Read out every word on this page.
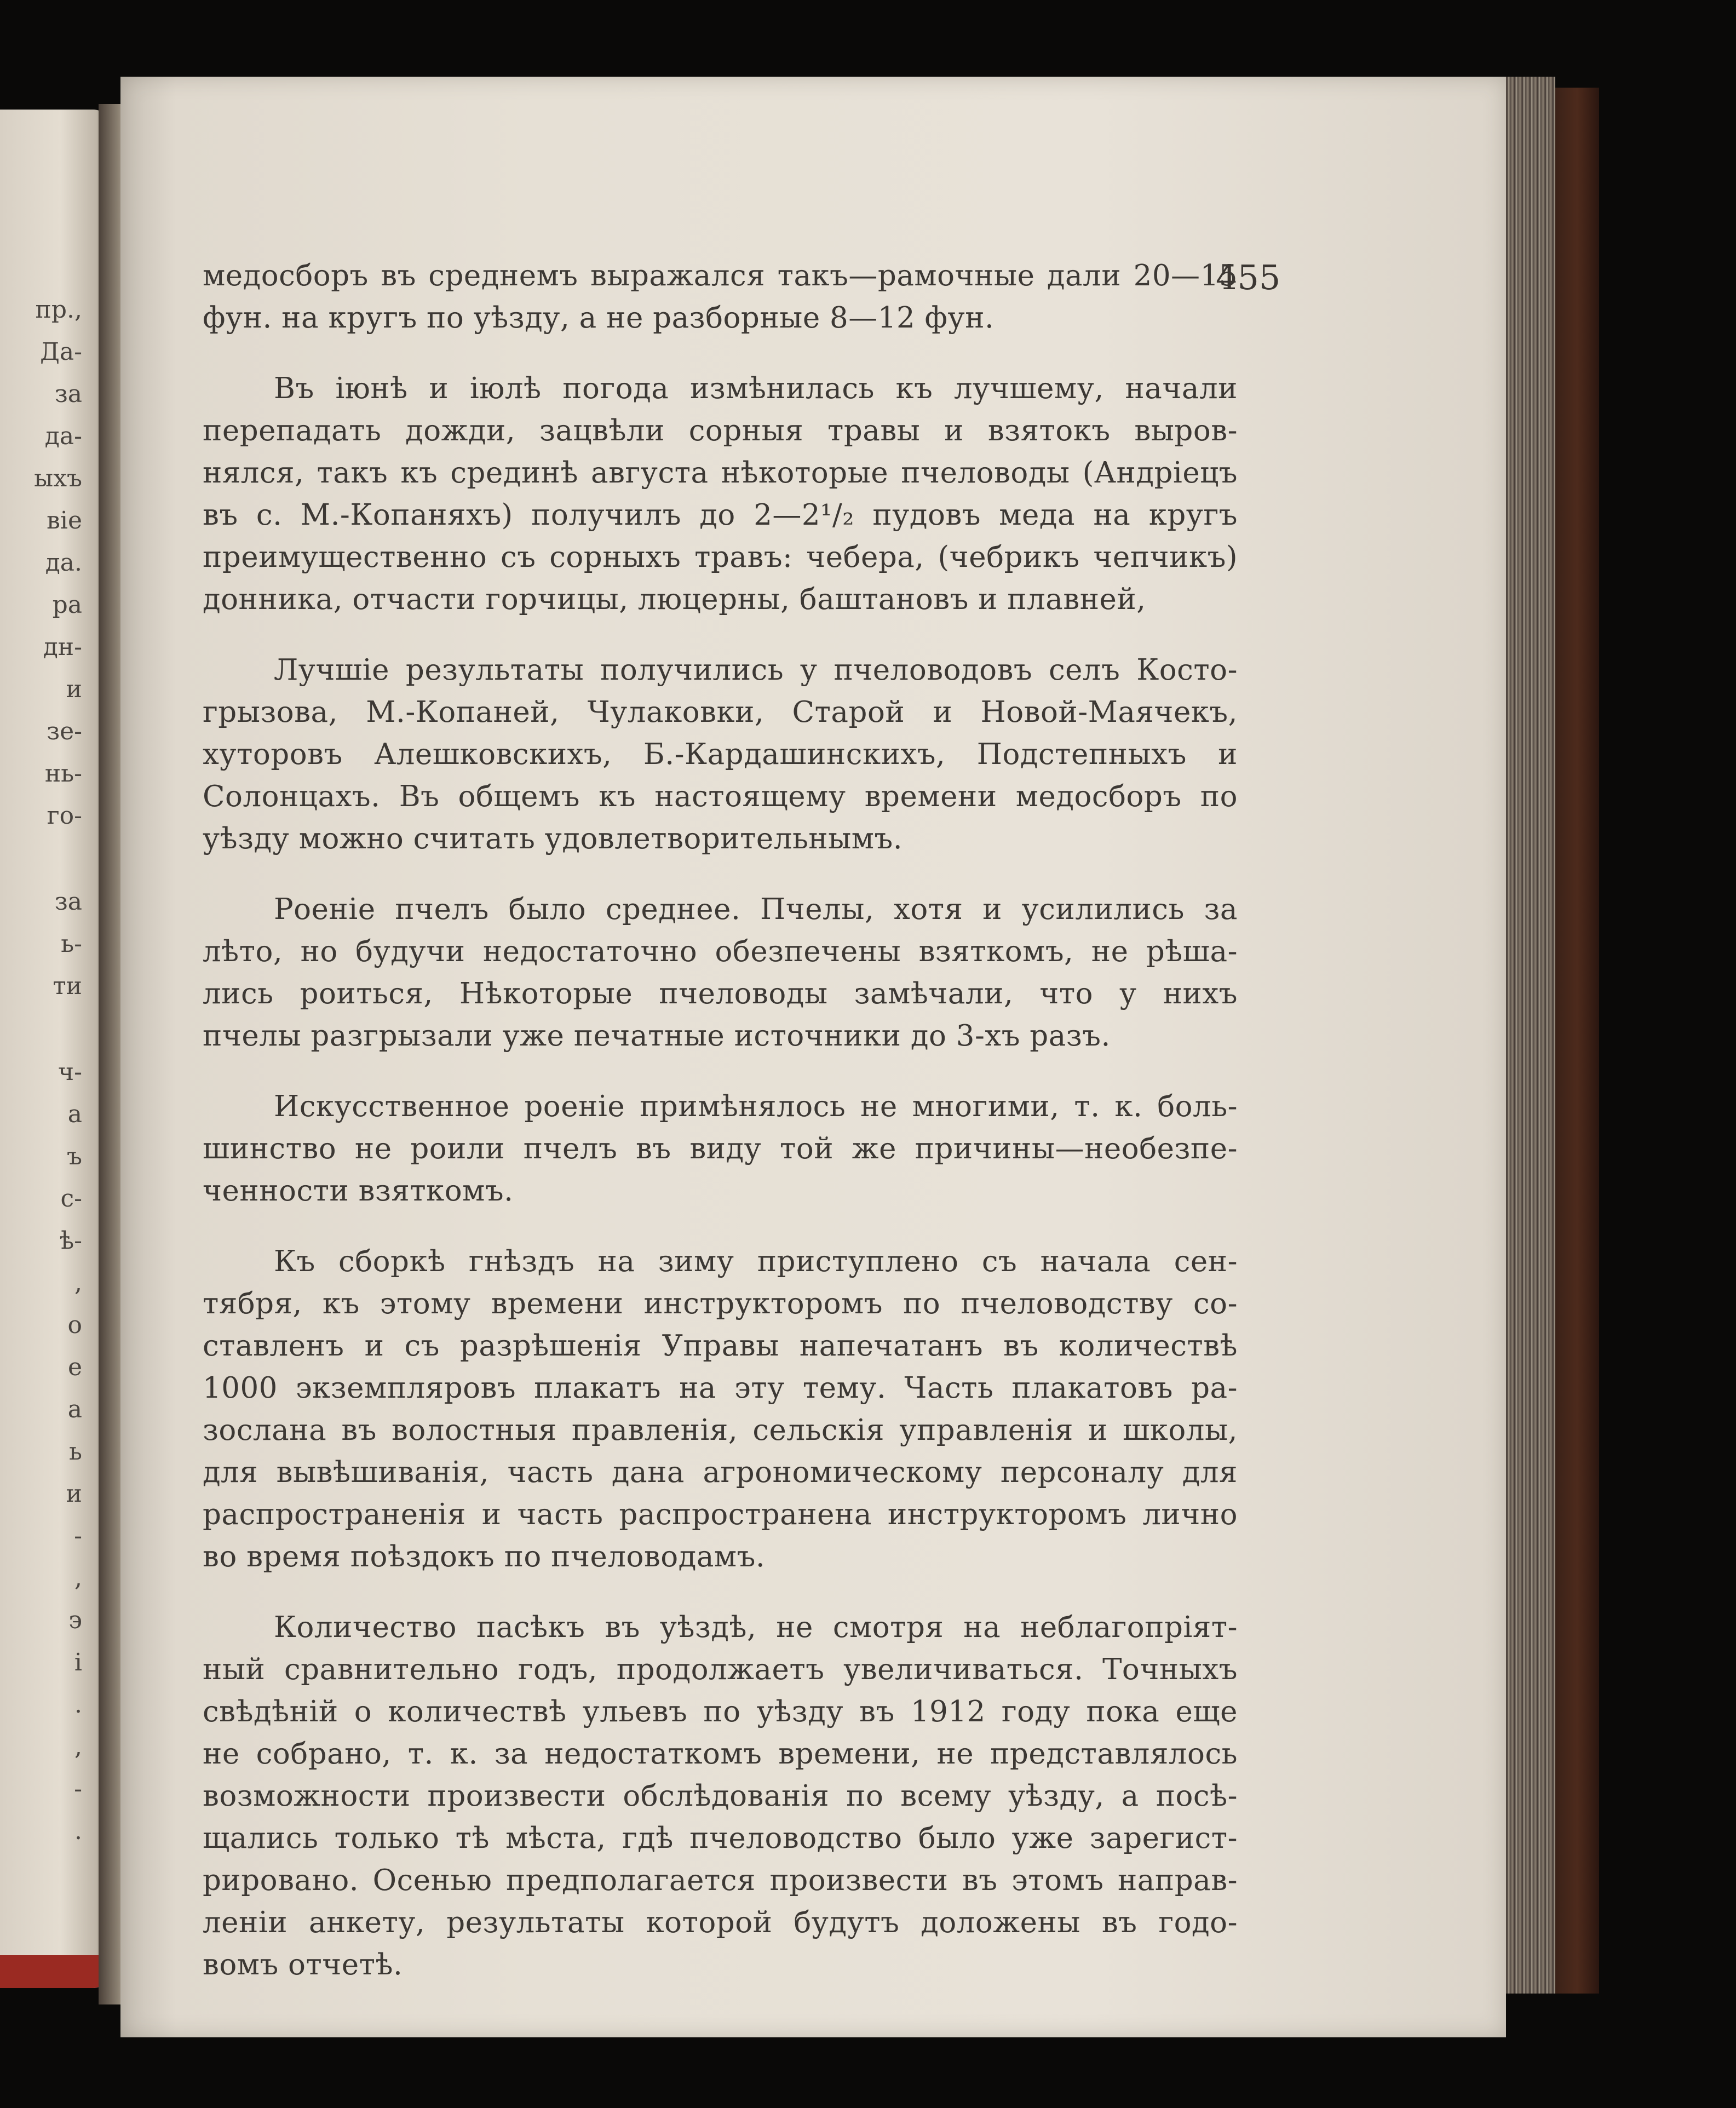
пр.,
Да-
за
да-
ыхъ
віе
да.
ра
дн-
и
зе-
нь-
го-
за
ь-
ти
ч-
а
ъ
с-
ѣ-
,
о
е
а
ь
и
-
,
э
і
.
,
-
.
455
медосборъ въ среднемъ выражался такъ—рамочные дали 20—15
фун. на кругъ по уѣзду, а не разборные 8—12 фун.
Въ іюнѣ и іюлѣ погода измѣнилась къ лучшему, начали
перепадать дожди, зацвѣли сорныя травы и взятокъ выров-
нялся, такъ къ срединѣ августа нѣкоторые пчеловоды (Андріецъ
въ с. М.-Копаняхъ) получилъ до 2—2¹/₂ пудовъ меда на кругъ
преимущественно съ сорныхъ травъ: чебера, (чебрикъ чепчикъ)
донника, отчасти горчицы, люцерны, баштановъ и плавней,
Лучшіе результаты получились у пчеловодовъ селъ Косто-
грызова, М.-Копаней, Чулаковки, Старой и Новой-Маячекъ,
хуторовъ Алешковскихъ, Б.-Кардашинскихъ, Подстепныхъ и
Солонцахъ. Въ общемъ къ настоящему времени медосборъ по
уѣзду можно считать удовлетворительнымъ.
Роеніе пчелъ было среднее. Пчелы, хотя и усилились за
лѣто, но будучи недостаточно обезпечены взяткомъ, не рѣша-
лись роиться, Нѣкоторые пчеловоды замѣчали, что у нихъ
пчелы разгрызали уже печатные источники до 3-хъ разъ.
Искусственное роеніе примѣнялось не многими, т. к. боль-
шинство не роили пчелъ въ виду той же причины—необезпе-
ченности взяткомъ.
Къ сборкѣ гнѣздъ на зиму приступлено съ начала сен-
тября, къ этому времени инструкторомъ по пчеловодству со-
ставленъ и съ разрѣшенія Управы напечатанъ въ количествѣ
1000 экземпляровъ плакатъ на эту тему. Часть плакатовъ ра-
зослана въ волостныя правленія, сельскія управленія и школы,
для вывѣшиванія, часть дана агрономическому персоналу для
распространенія и часть распространена инструкторомъ лично
во время поѣздокъ по пчеловодамъ.
Количество пасѣкъ въ уѣздѣ, не смотря на неблагопріят-
ный сравнительно годъ, продолжаетъ увеличиваться. Точныхъ
свѣдѣній о количествѣ ульевъ по уѣзду въ 1912 году пока еще
не собрано, т. к. за недостаткомъ времени, не представлялось
возможности произвести обслѣдованія по всему уѣзду, а посѣ-
щались только тѣ мѣста, гдѣ пчеловодство было уже зарегист-
рировано. Осенью предполагается произвести въ этомъ направ-
леніи анкету, результаты которой будутъ доложены въ годо-
вомъ отчетѣ.
